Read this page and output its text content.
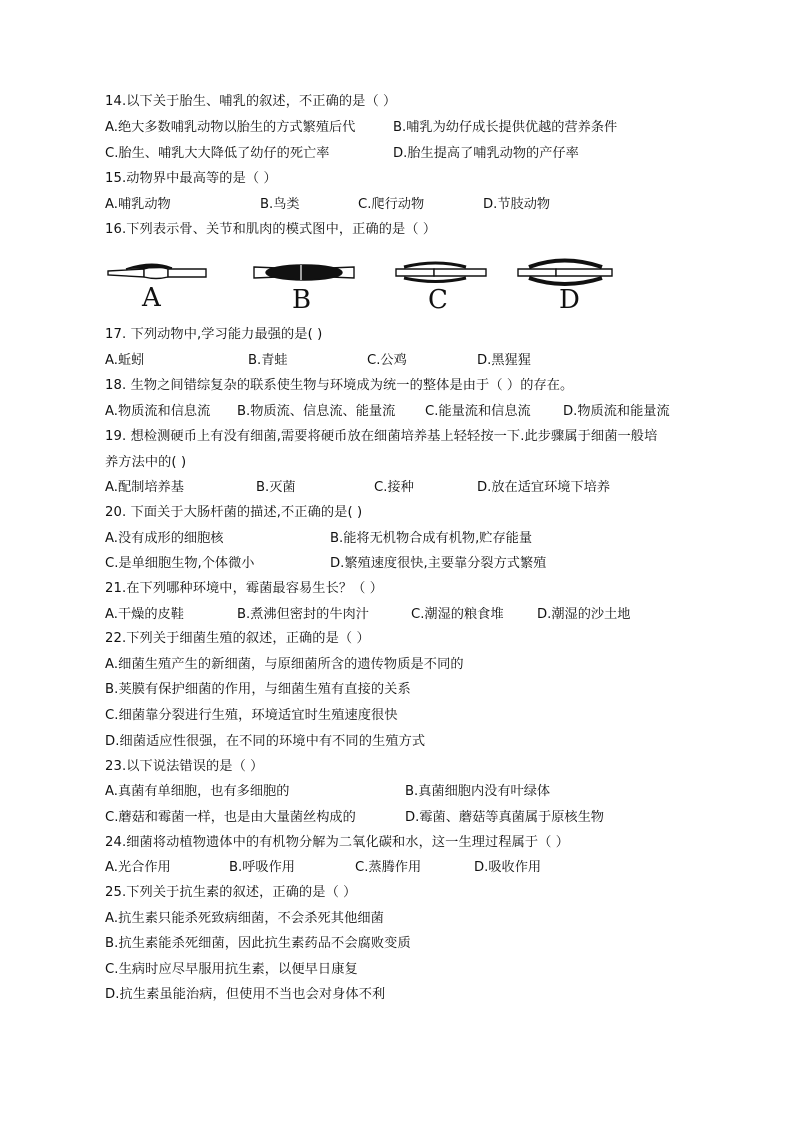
14.以下关于胎生、哺乳的叙述，不正确的是（ ）
A.绝大多数哺乳动物以胎生的方式繁殖后代	B.哺乳为幼仔成长提供优越的营养条件
C.胎生、哺乳大大降低了幼仔的死亡率	D.胎生提高了哺乳动物的产仔率
15.动物界中最高等的是（ ）
A.哺乳动物	B.鸟类	C.爬行动物	D.节肢动物
16.下列表示骨、关节和肌肉的模式图中，正确的是（ ）
A	B	C	D
17. 下列动物中,学习能力最强的是( )
A.蚯蚓	B.青蛙	C.公鸡	D.黑猩猩
18. 生物之间错综复杂的联系使生物与环境成为统一的整体是由于（ ）的存在。
A.物质流和信息流 B.物质流、信息流、能量流 C.能量流和信息流 D.物质流和能量流
19. 想检测硬币上有没有细菌,需要将硬币放在细菌培养基上轻轻按一下.此步骤属于细菌一般培
养方法中的( )
A.配制培养基	B.灭菌	C.接种	D.放在适宜环境下培养
20. 下面关于大肠杆菌的描述,不正确的是( )
A.没有成形的细胞核	B.能将无机物合成有机物,贮存能量
C.是单细胞生物,个体微小	D.繁殖速度很快,主要靠分裂方式繁殖
21.在下列哪种环境中，霉菌最容易生长？（ ）
A.干燥的皮鞋	B.煮沸但密封的牛肉汁	C.潮湿的粮食堆	D.潮湿的沙土地
22.下列关于细菌生殖的叙述，正确的是（ ）
A.细菌生殖产生的新细菌，与原细菌所含的遗传物质是不同的
B.荚膜有保护细菌的作用，与细菌生殖有直接的关系
C.细菌靠分裂进行生殖，环境适宜时生殖速度很快
D.细菌适应性很强，在不同的环境中有不同的生殖方式
23.以下说法错误的是（ ）
A.真菌有单细胞，也有多细胞的	B.真菌细胞内没有叶绿体
C.蘑菇和霉菌一样，也是由大量菌丝构成的	D.霉菌、蘑菇等真菌属于原核生物
24.细菌将动植物遗体中的有机物分解为二氧化碳和水，这一生理过程属于（ ）
A.光合作用	B.呼吸作用	C.蒸腾作用	D.吸收作用
25.下列关于抗生素的叙述，正确的是（ ）
A.抗生素只能杀死致病细菌，不会杀死其他细菌
B.抗生素能杀死细菌，因此抗生素药品不会腐败变质
C.生病时应尽早服用抗生素，以便早日康复
D.抗生素虽能治病，但使用不当也会对身体不利
